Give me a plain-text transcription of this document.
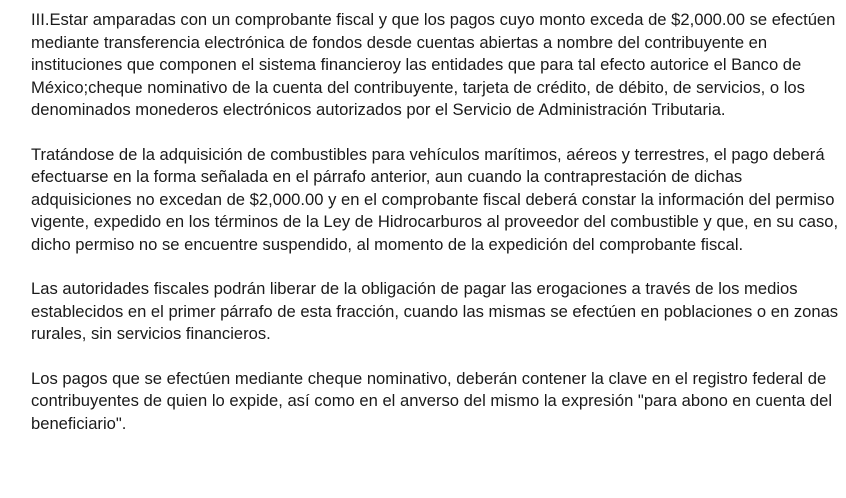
III.Estar amparadas con un comprobante fiscal y que los pagos cuyo monto exceda de $2,000.00 se efectúen mediante transferencia electrónica de fondos desde cuentas abiertas a nombre del contribuyente en instituciones que componen el sistema financieroy las entidades que para tal efecto autorice el Banco de México;cheque nominativo de la cuenta del contribuyente, tarjeta de crédito, de débito, de servicios, o los denominados monederos electrónicos autorizados por el Servicio de Administración Tributaria.

Tratándose de la adquisición de combustibles para vehículos marítimos, aéreos y terrestres, el pago deberá efectuarse en la forma señalada en el párrafo anterior, aun cuando la contraprestación de dichas adquisiciones no excedan de $2,000.00 y en el comprobante fiscal deberá constar la información del permiso vigente, expedido en los términos de la Ley de Hidrocarburos al proveedor del combustible y que, en su caso, dicho permiso no se encuentre suspendido, al momento de la expedición del comprobante fiscal.

Las autoridades fiscales podrán liberar de la obligación de pagar las erogaciones a través de los medios establecidos en el primer párrafo de esta fracción, cuando las mismas se efectúen en poblaciones o en zonas rurales, sin servicios financieros.

Los pagos que se efectúen mediante cheque nominativo, deberán contener la clave en el registro federal de contribuyentes de quien lo expide, así como en el anverso del mismo la expresión "para abono en cuenta del beneficiario".
